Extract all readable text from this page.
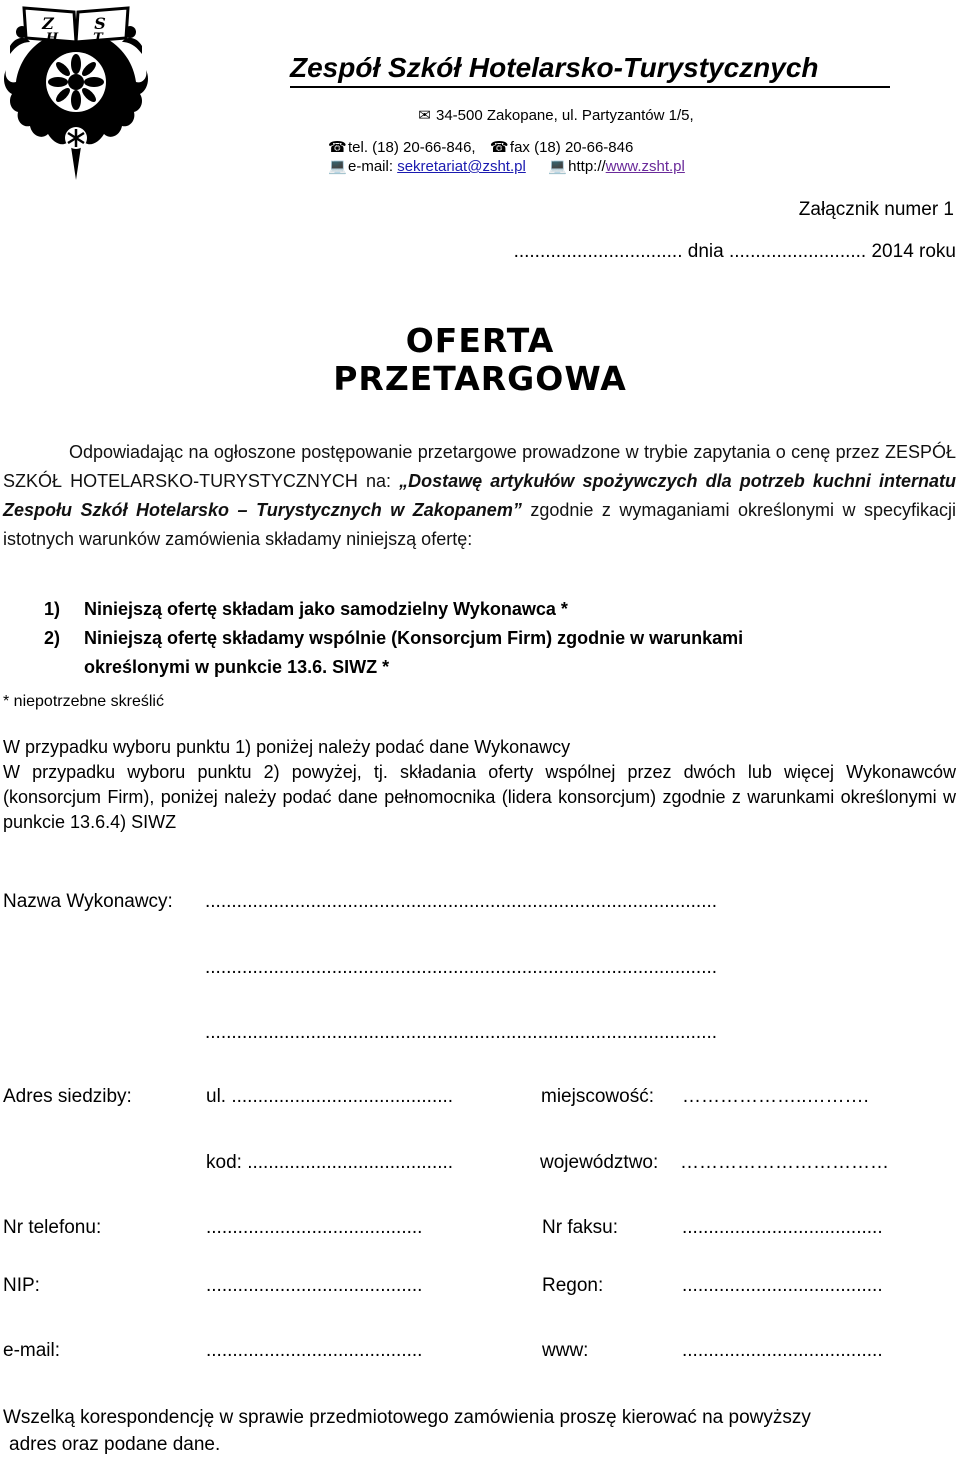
Z	S
H	T
Zespół Szkół Hotelarsko-Turystycznych
✉ 34-500 Zakopane, ul. Partyzantów 1/5,
☎tel. (18) 20-66-846, ☎fax (18) 20-66-846
💻e-mail: sekretariat@zsht.pl 💻http://www.zsht.pl
Załącznik numer 1
................................ dnia .......................... 2014 roku
OFERTA
PRZETARGOWA
Odpowiadając na ogłoszone postępowanie przetargowe prowadzone w trybie zapytania o cenę przez ZESPÓŁ SZKÓŁ HOTELARSKO-TURYSTYCZNYCH na: „Dostawę artykułów spożywczych dla potrzeb kuchni internatu Zespołu Szkół Hotelarsko – Turystycznych w Zakopanem” zgodnie z wymaganiami określonymi w specyfikacji istotnych warunków zamówienia składamy niniejszą ofertę:
1) Niniejszą ofertę składam jako samodzielny Wykonawca *
2) Niniejszą ofertę składamy wspólnie (Konsorcjum Firm) zgodnie w warunkami
określonymi w punkcie 13.6. SIWZ *
* niepotrzebne skreślić
W przypadku wyboru punktu 1) poniżej należy podać dane Wykonawcy
W przypadku wyboru punktu 2) powyżej, tj. składania oferty wspólnej przez dwóch lub więcej Wykonawców (konsorcjum Firm), poniżej należy podać dane pełnomocnika (lidera konsorcjum) zgodnie z warunkami określonymi w punkcie 13.6.4) SIWZ
Nazwa Wykonawcy: .................................................................................................
.................................................................................................
.................................................................................................
Adres siedziby:	ul. ..........................................	miejscowość: ………………..……….
kod: .......................................	województwo: ……………………………
Nr telefonu:	.........................................	Nr faksu:	......................................
NIP:	.........................................	Regon:	......................................
e-mail:	.........................................	www:	......................................
Wszelką korespondencję w sprawie przedmiotowego zamówienia proszę kierować na powyższy
adres oraz podane dane.
